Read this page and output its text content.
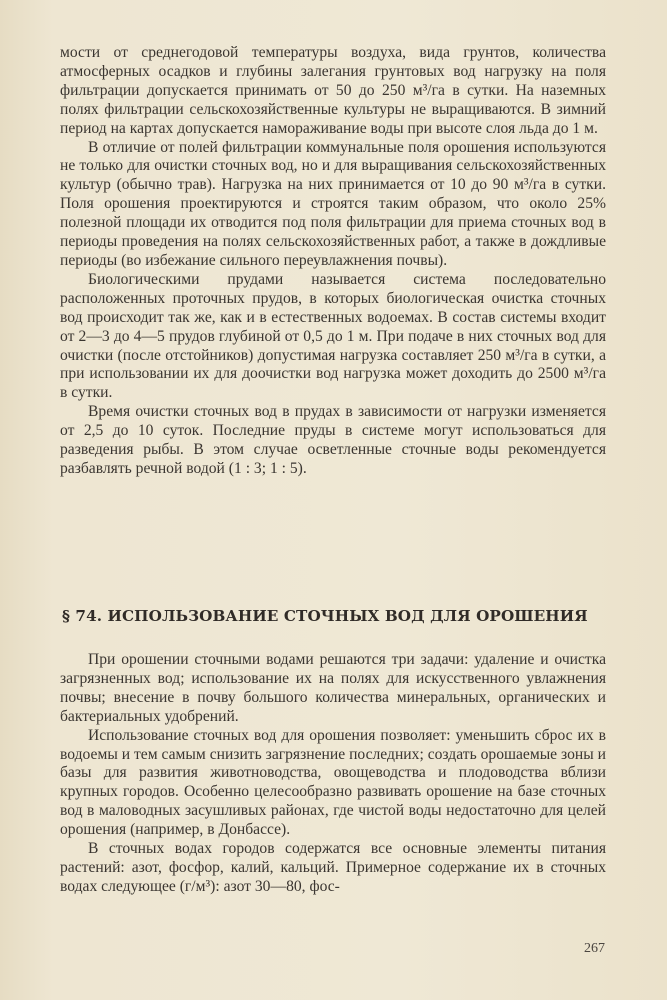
мости от среднегодовой температуры воздуха, вида грунтов, количества атмосферных осадков и глубины залегания грунтовых вод нагрузку на поля фильтрации допускается принимать от 50 до 250 м³/га в сутки. На наземных полях фильтрации сельскохозяйственные культуры не выращиваются. В зимний период на картах допускается намораживание воды при высоте слоя льда до 1 м.

В отличие от полей фильтрации коммунальные поля орошения используются не только для очистки сточных вод, но и для выращивания сельскохозяйственных культур (обычно трав). Нагрузка на них принимается от 10 до 90 м³/га в сутки. Поля орошения проектируются и строятся таким образом, что около 25% полезной площади их отводится под поля фильтрации для приема сточных вод в периоды проведения на полях сельскохозяйственных работ, а также в дождливые периоды (во избежание сильного переувлажнения почвы).

Биологическими прудами называется система последовательно расположенных проточных прудов, в которых биологическая очистка сточных вод происходит так же, как и в естественных водоемах. В состав системы входит от 2—3 до 4—5 прудов глубиной от 0,5 до 1 м. При подаче в них сточных вод для очистки (после отстойников) допустимая нагрузка составляет 250 м³/га в сутки, а при использовании их для доочистки вод нагрузка может доходить до 2500 м³/га в сутки.

Время очистки сточных вод в прудах в зависимости от нагрузки изменяется от 2,5 до 10 суток. Последние пруды в системе могут использоваться для разведения рыбы. В этом случае осветленные сточные воды рекомендуется разбавлять речной водой (1 : 3; 1 : 5).

§ 74. ИСПОЛЬЗОВАНИЕ СТОЧНЫХ ВОД ДЛЯ ОРОШЕНИЯ

При орошении сточными водами решаются три задачи: удаление и очистка загрязненных вод; использование их на полях для искусственного увлажнения почвы; внесение в почву большого количества минеральных, органических и бактериальных удобрений.

Использование сточных вод для орошения позволяет: уменьшить сброс их в водоемы и тем самым снизить загрязнение последних; создать орошаемые зоны и базы для развития животноводства, овощеводства и плодоводства вблизи крупных городов. Особенно целесообразно развивать орошение на базе сточных вод в маловодных засушливых районах, где чистой воды недостаточно для целей орошения (например, в Донбассе).

В сточных водах городов содержатся все основные элементы питания растений: азот, фосфор, калий, кальций. Примерное содержание их в сточных водах следующее (г/м³): азот 30—80, фос-

267
